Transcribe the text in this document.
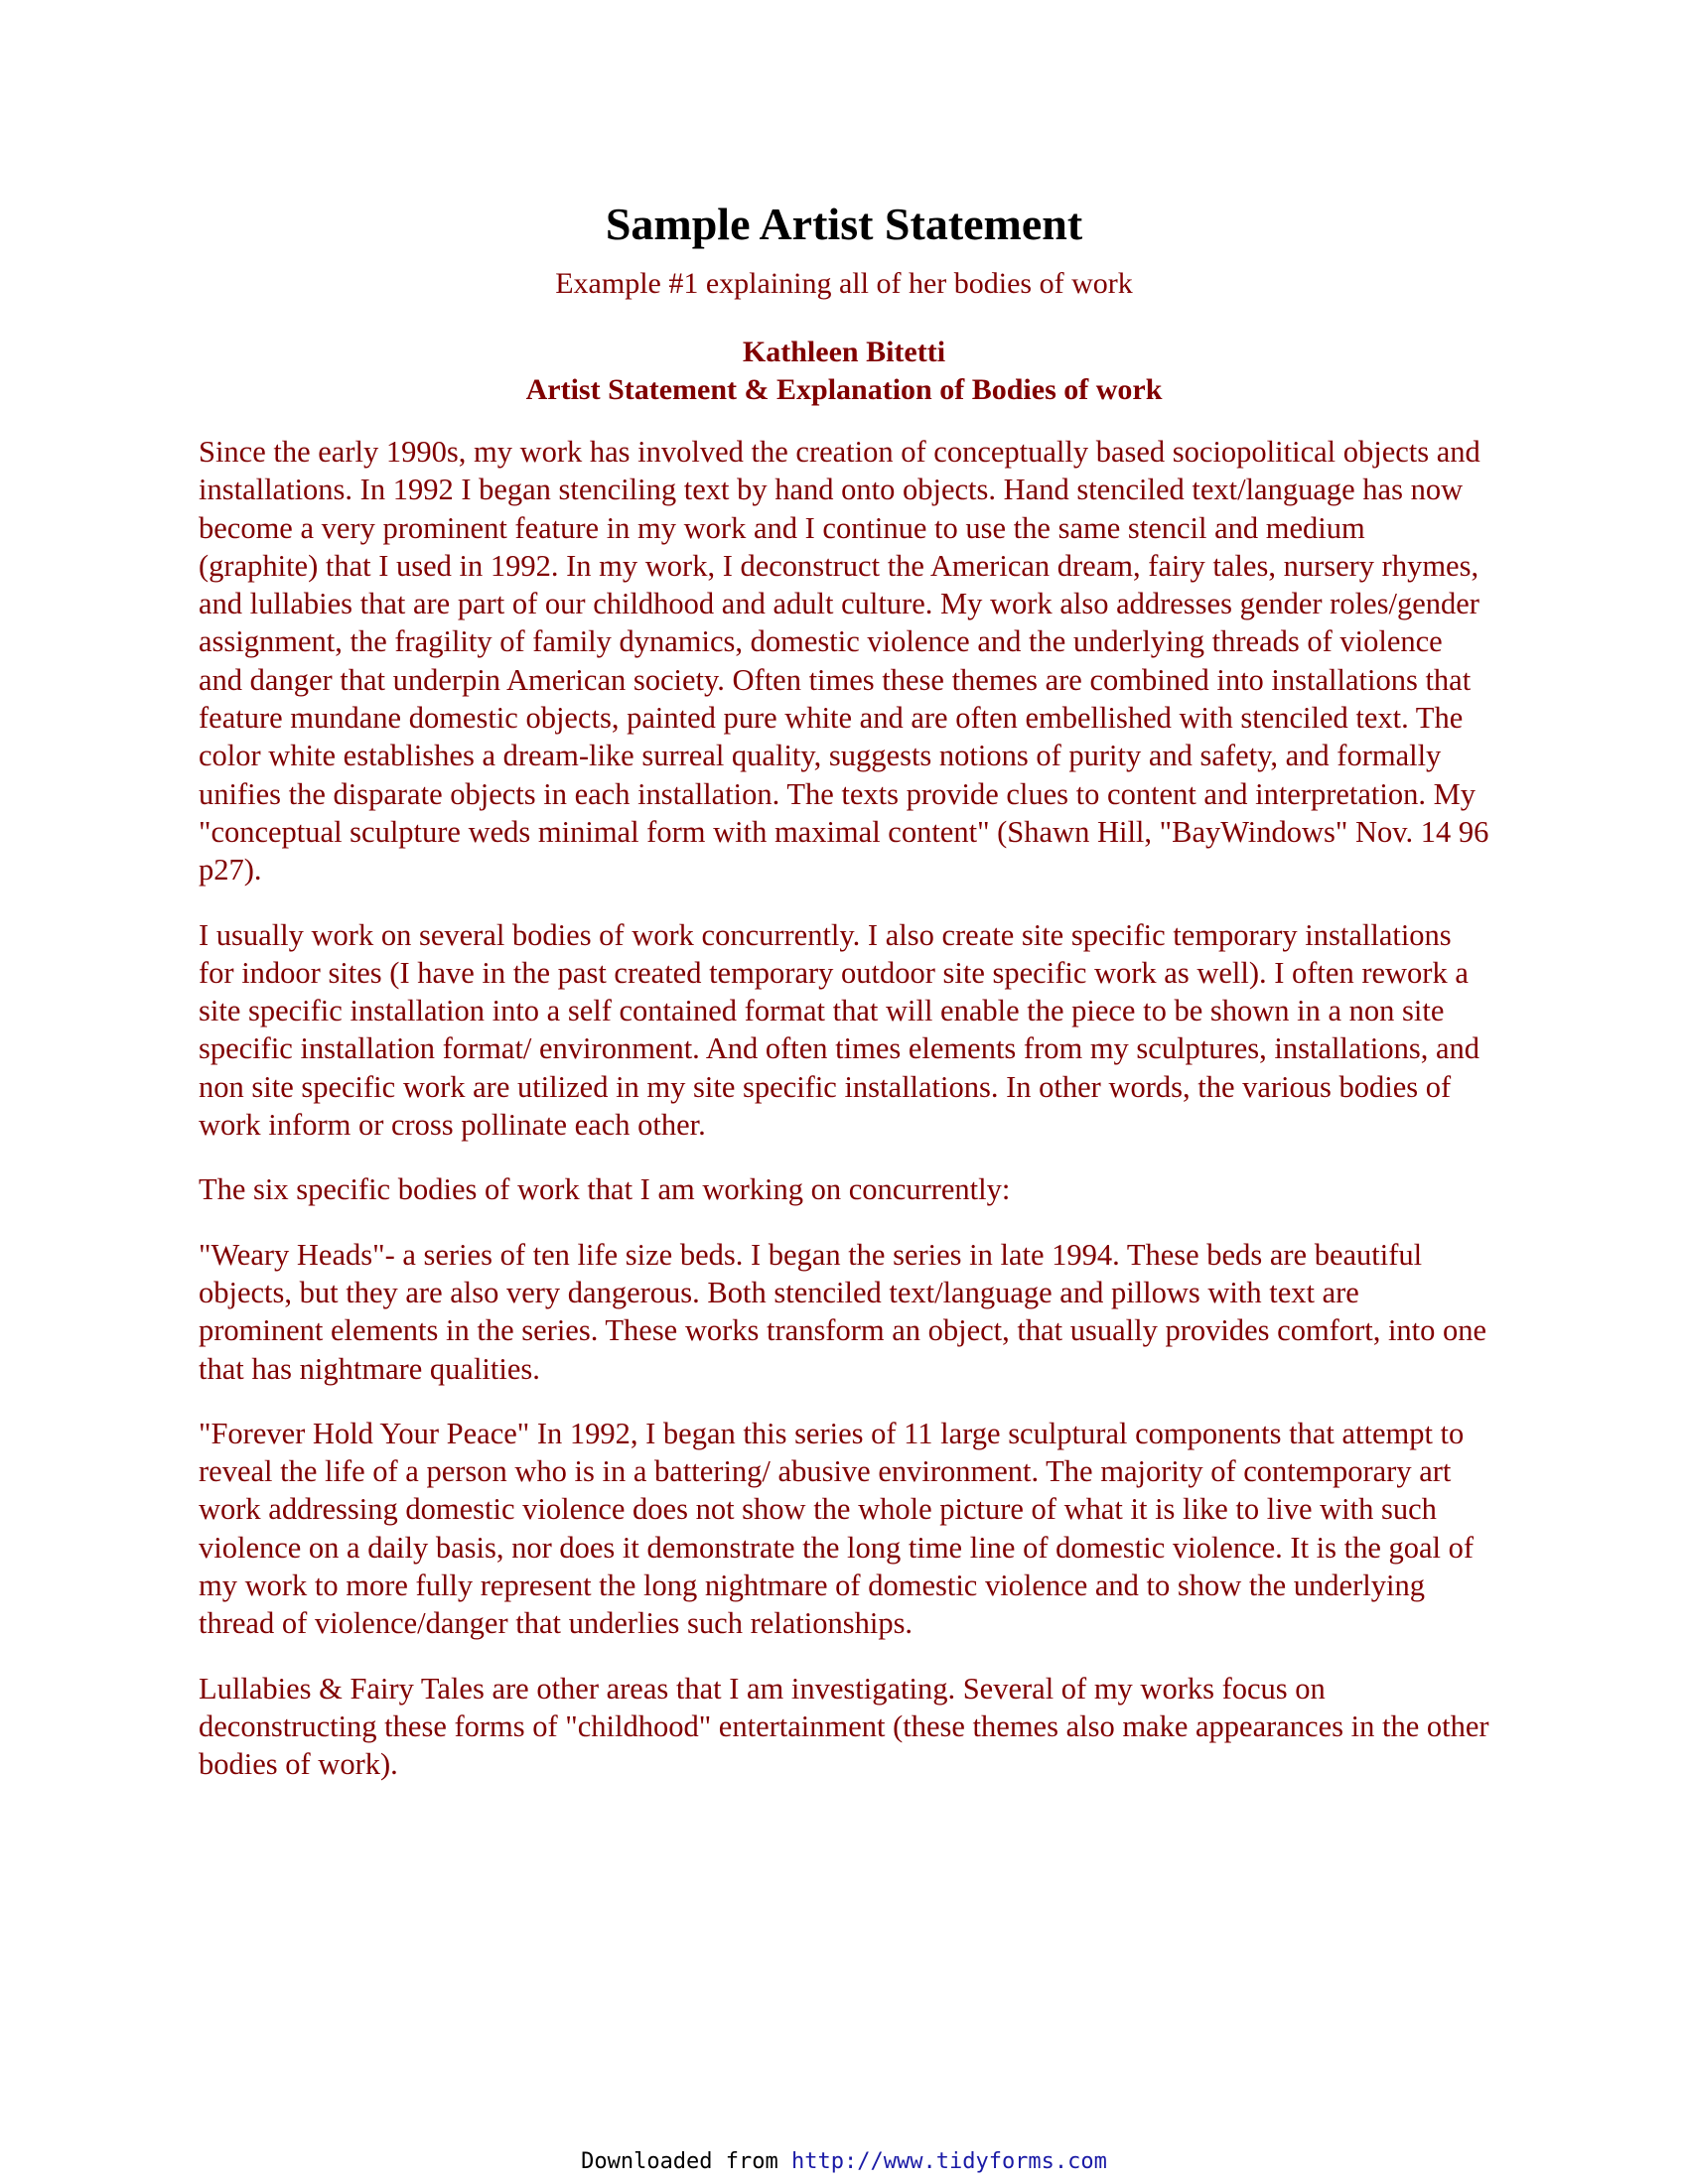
Sample Artist Statement
Example #1 explaining all of her bodies of work
Kathleen Bitetti
Artist Statement & Explanation of Bodies of work

Since the early 1990s, my work has involved the creation of conceptually based sociopolitical objects and installations. In 1992 I began stenciling text by hand onto objects. Hand stenciled text/language has now become a very prominent feature in my work and I continue to use the same stencil and medium (graphite) that I used in 1992. In my work, I deconstruct the American dream, fairy tales, nursery rhymes, and lullabies that are part of our childhood and adult culture. My work also addresses gender roles/gender assignment, the fragility of family dynamics, domestic violence and the underlying threads of violence and danger that underpin American society. Often times these themes are combined into installations that feature mundane domestic objects, painted pure white and are often embellished with stenciled text. The color white establishes a dream-like surreal quality, suggests notions of purity and safety, and formally unifies the disparate objects in each installation. The texts provide clues to content and interpretation. My "conceptual sculpture weds minimal form with maximal content" (Shawn Hill, "BayWindows" Nov. 14 96 p27).

I usually work on several bodies of work concurrently. I also create site specific temporary installations for indoor sites (I have in the past created temporary outdoor site specific work as well). I often rework a site specific installation into a self contained format that will enable the piece to be shown in a non site specific installation format/ environment. And often times elements from my sculptures, installations, and non site specific work are utilized in my site specific installations. In other words, the various bodies of work inform or cross pollinate each other.

The six specific bodies of work that I am working on concurrently:

"Weary Heads"- a series of ten life size beds. I began the series in late 1994. These beds are beautiful objects, but they are also very dangerous. Both stenciled text/language and pillows with text are prominent elements in the series. These works transform an object, that usually provides comfort, into one that has nightmare qualities.

"Forever Hold Your Peace" In 1992, I began this series of 11 large sculptural components that attempt to reveal the life of a person who is in a battering/ abusive environment. The majority of contemporary art work addressing domestic violence does not show the whole picture of what it is like to live with such violence on a daily basis, nor does it demonstrate the long time line of domestic violence. It is the goal of my work to more fully represent the long nightmare of domestic violence and to show the underlying thread of violence/danger that underlies such relationships.

Lullabies & Fairy Tales are other areas that I am investigating. Several of my works focus on deconstructing these forms of "childhood" entertainment (these themes also make appearances in the other bodies of work).

Downloaded from http://www.tidyforms.com
